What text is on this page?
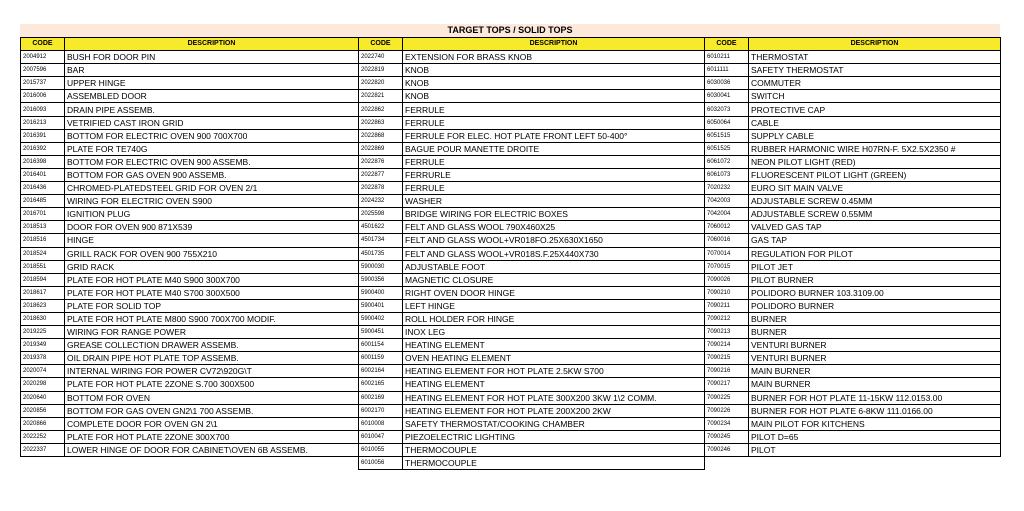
TARGET TOPS / SOLID TOPS
CODE	DESCRIPTION
2004912	BUSH FOR DOOR PIN
2007596	BAR
2015737	UPPER HINGE
2016006	ASSEMBLED DOOR
2016093	DRAIN PIPE ASSEMB.
2016213	VETRIFIED CAST IRON GRID
2016391	BOTTOM FOR ELECTRIC OVEN 900 700X700
2016392	PLATE FOR TE740G
2016398	BOTTOM FOR ELECTRIC OVEN 900 ASSEMB.
2016401	BOTTOM FOR GAS OVEN 900 ASSEMB.
2016436	CHROMED-PLATEDSTEEL GRID FOR OVEN 2/1
2016485	WIRING FOR ELECTRIC OVEN S900
2016701	IGNITION PLUG
2018513	DOOR FOR OVEN 900 871X539
2018516	HINGE
2018524	GRILL RACK FOR OVEN 900 755X210
2018551	GRID RACK
2018594	PLATE FOR HOT PLATE M40 S900 300X700
2018617	PLATE FOR HOT PLATE M40 S700 300X500
2018623	PLATE FOR SOLID TOP
2018630	PLATE FOR HOT PLATE M800 S900 700X700 MODIF.
2019225	WIRING FOR RANGE POWER
2019349	GREASE COLLECTION DRAWER ASSEMB.
2019378	OIL DRAIN PIPE HOT PLATE TOP ASSEMB.
2020074	INTERNAL WIRING FOR POWER CV72\920G\T
2020298	PLATE FOR HOT PLATE 2ZONE S.700 300X500
2020640	BOTTOM FOR OVEN
2020856	BOTTOM FOR GAS OVEN GN2\1 700 ASSEMB.
2020866	COMPLETE DOOR FOR OVEN GN 2\1
2022252	PLATE FOR HOT PLATE 2ZONE 300X700
2022337	LOWER HINGE OF DOOR FOR CABINET\OVEN 6B ASSEMB.
CODE	DESCRIPTION
2022740	EXTENSION FOR BRASS KNOB
2022819	KNOB
2022820	KNOB
2022821	KNOB
2022862	FERRULE
2022863	FERRULE
2022868	FERRULE FOR ELEC. HOT PLATE FRONT LEFT 50-400°
2022869	BAGUE POUR MANETTE DROITE
2022876	FERRULE
2022877	FERRURLE
2022878	FERRULE
2024232	WASHER
2025598	BRIDGE WIRING FOR ELECTRIC BOXES
4501622	FELT AND GLASS WOOL 790X460X25
4501734	FELT AND GLASS WOOL+VR018FO.25X630X1650
4501735	FELT AND GLASS WOOL+VR018S.F.25X440X730
5900030	ADJUSTABLE FOOT
5900356	MAGNETIC CLOSURE
5900400	RIGHT OVEN DOOR HINGE
5900401	LEFT HINGE
5900402	ROLL HOLDER FOR HINGE
5900451	INOX LEG
6001154	HEATING ELEMENT
6001159	OVEN HEATING ELEMENT
6002164	HEATING ELEMENT FOR HOT PLATE 2.5KW S700
6002165	HEATING ELEMENT
6002169	HEATING ELEMENT FOR HOT PLATE 300X200 3KW 1\2 COMM.
6002170	HEATING ELEMENT FOR HOT PLATE 200X200 2KW
6010008	SAFETY THERMOSTAT/COOKING CHAMBER
6010047	PIEZOELECTRIC LIGHTING
6010055	THERMOCOUPLE
6010056	THERMOCOUPLE
CODE	DESCRIPTION
6010211	THERMOSTAT
6011111	SAFETY THERMOSTAT
6030036	COMMUTER
6030041	SWITCH
6032073	PROTECTIVE CAP
6050064	CABLE
6051515	SUPPLY CABLE
6051525	RUBBER HARMONIC WIRE H07RN-F. 5X2.5X2350 #
6061072	NEON PILOT LIGHT (RED)
6061073	FLUORESCENT PILOT LIGHT (GREEN)
7020232	EURO SIT MAIN VALVE
7042003	ADJUSTABLE SCREW 0.45MM
7042004	ADJUSTABLE SCREW 0.55MM
7060012	VALVED GAS TAP
7060016	GAS TAP
7070014	REGULATION FOR PILOT
7070015	PILOT JET
7090026	PILOT BURNER
7090210	POLIDORO BURNER 103.3109.00
7090211	POLIDORO BURNER
7090212	BURNER
7090213	BURNER
7090214	VENTURI BURNER
7090215	VENTURI BURNER
7090216	MAIN BURNER
7090217	MAIN BURNER
7090225	BURNER FOR HOT PLATE 11-15KW 112.0153.00
7090226	BURNER FOR HOT PLATE 6-8KW 111.0166.00
7090234	MAIN PILOT FOR KITCHENS
7090245	PILOT D=65
7090246	PILOT
